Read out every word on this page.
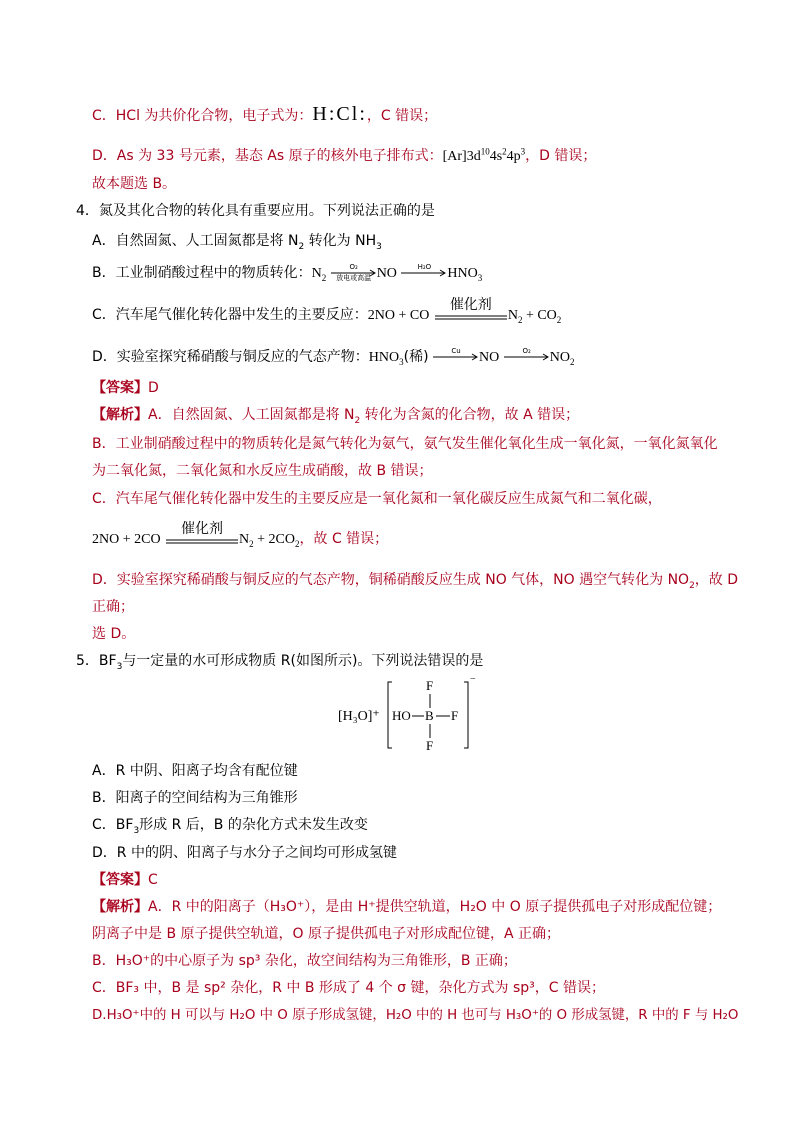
C．HCl 为共价化合物，电子式为：H:Cl:，C 错误；
D．As 为 33 号元素，基态 As 原子的核外电子排布式：$[Ar]3d^{10}4s^24p^3$，D 错误；
故本题选 B。
4．氮及其化合物的转化具有重要应用。下列说法正确的是
A．自然固氮、人工固氮都是将 $N_2$ 转化为 $NH_3$
B．工业制硝酸过程中的物质转化：$N_2$
O₂
放电或高温 NO	H₂O	$HNO_3$
C．汽车尾气催化转化器中发生的主要反应：2NO + CO
催化剂
$N_2 + CO_2$
D．实验室探究稀硝酸与铜反应的气态产物：$HNO_3$(稀)	Cu	NO	O₂	$NO_2$
【答案】D
【解析】A．自然固氮、人工固氮都是将 $N_2$ 转化为含氮的化合物，故 A 错误；
B．工业制硝酸过程中的物质转化是氮气转化为氨气，氨气发生催化氧化生成一氧化氮，一氧化氮氧化
为二氧化氮，二氧化氮和水反应生成硝酸，故 B 错误；
C．汽车尾气催化转化器中发生的主要反应是一氧化氮和一氧化碳反应生成氮气和二氧化碳，
2NO + 2CO
催化剂
$N_2 + 2CO_2$，故 C 错误；
D．实验室探究稀硝酸与铜反应的气态产物，铜稀硝酸反应生成 NO 气体，NO 遇空气转化为 $NO_2$，故 D
正确；
选 D。
5．$BF_3$与一定量的水可形成物质 R(如图所示)。下列说法错误的是
[H₃O]⁺
−
F
HO B F
F
A．R 中阴、阳离子均含有配位键
B．阳离子的空间结构为三角锥形
C．$BF_3$形成 R 后，B 的杂化方式未发生改变
D．R 中的阴、阳离子与水分子之间均可形成氢键
【答案】C
【解析】A．R 中的阳离子（H₃O⁺），是由 H⁺提供空轨道，H₂O 中 O 原子提供孤电子对形成配位键；
阴离子中是 B 原子提供空轨道，O 原子提供孤电子对形成配位键，A 正确；
B．H₃O⁺的中心原子为 sp³ 杂化，故空间结构为三角锥形，B 正确；
C．BF₃ 中，B 是 sp² 杂化，R 中 B 形成了 4 个 σ 键，杂化方式为 sp³，C 错误；
D.H₃O⁺中的 H 可以与 H₂O 中 O 原子形成氢键，H₂O 中的 H 也可与 H₃O⁺的 O 形成氢键，R 中的 F 与 H₂O
